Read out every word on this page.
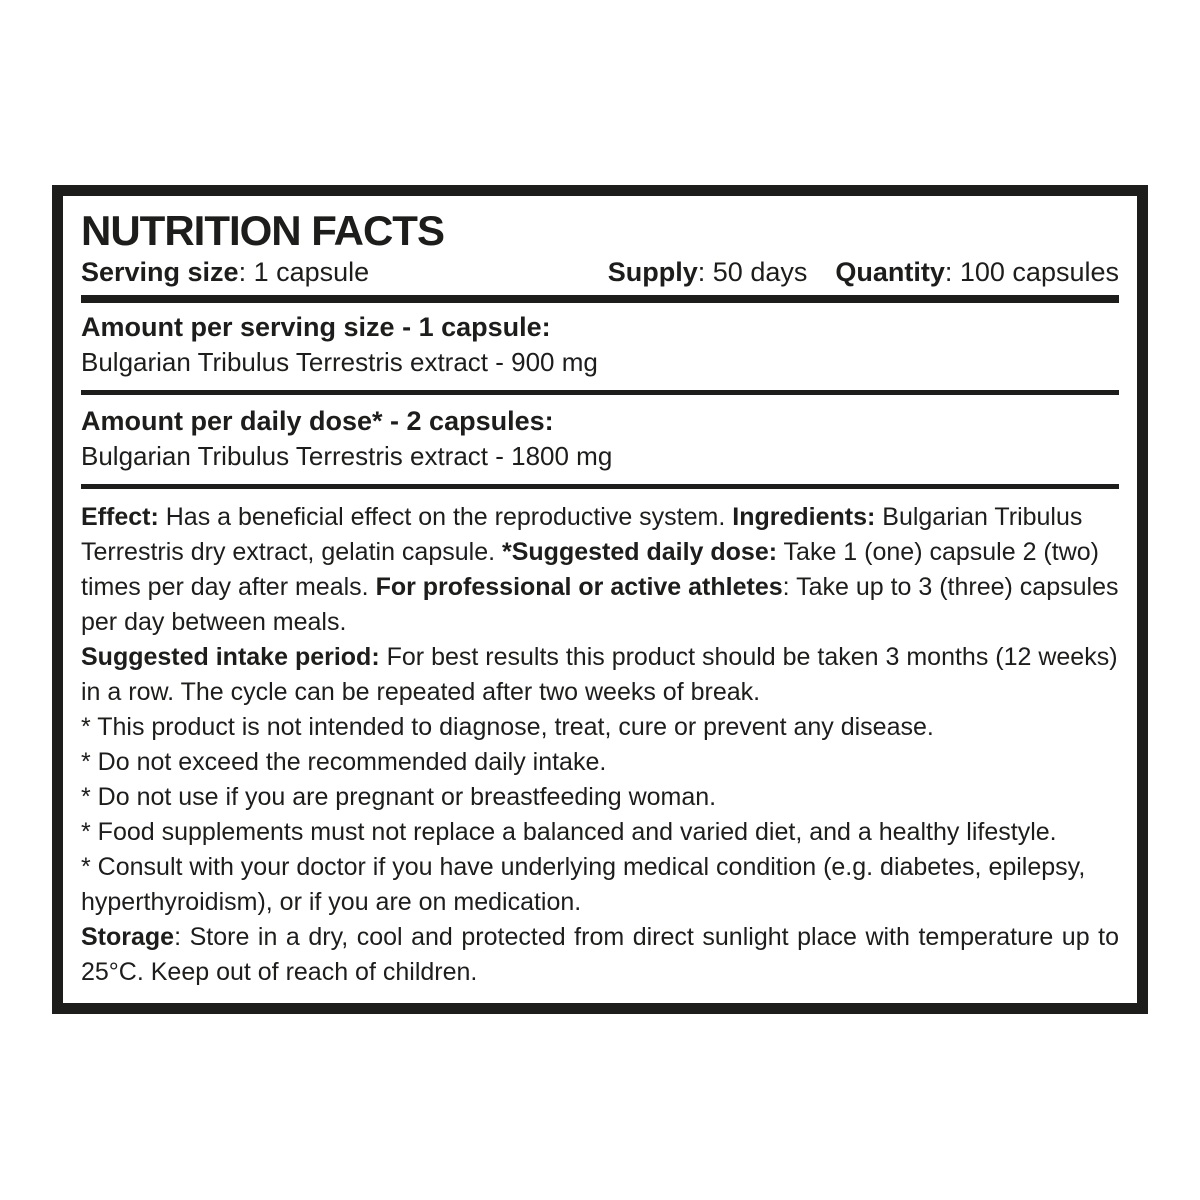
NUTRITION FACTS
Serving size: 1 capsule	Supply: 50 days Quantity: 100 capsules
Amount per serving size - 1 capsule:
Bulgarian Tribulus Terrestris extract - 900 mg
Amount per daily dose* - 2 capsules:
Bulgarian Tribulus Terrestris extract - 1800 mg

Effect: Has a beneficial effect on the reproductive system. Ingredients: Bulgarian Tribulus Terrestris dry extract, gelatin capsule. *Suggested daily dose: Take 1 (one) capsule 2 (two) times per day after meals. For professional or active athletes: Take up to 3 (three) capsules per day between meals.

Suggested intake period: For best results this product should be taken 3 months (12 weeks) in a row. The cycle can be repeated after two weeks of break.

* This product is not intended to diagnose, treat, cure or prevent any disease.

* Do not exceed the recommended daily intake.

* Do not use if you are pregnant or breastfeeding woman.

* Food supplements must not replace a balanced and varied diet, and a healthy lifestyle.

* Consult with your doctor if you have underlying medical condition (e.g. diabetes, epilepsy, hyperthyroidism), or if you are on medication.

Storage: Store in a dry, cool and protected from direct sunlight place with temperature up to 25°C. Keep out of reach of children.
